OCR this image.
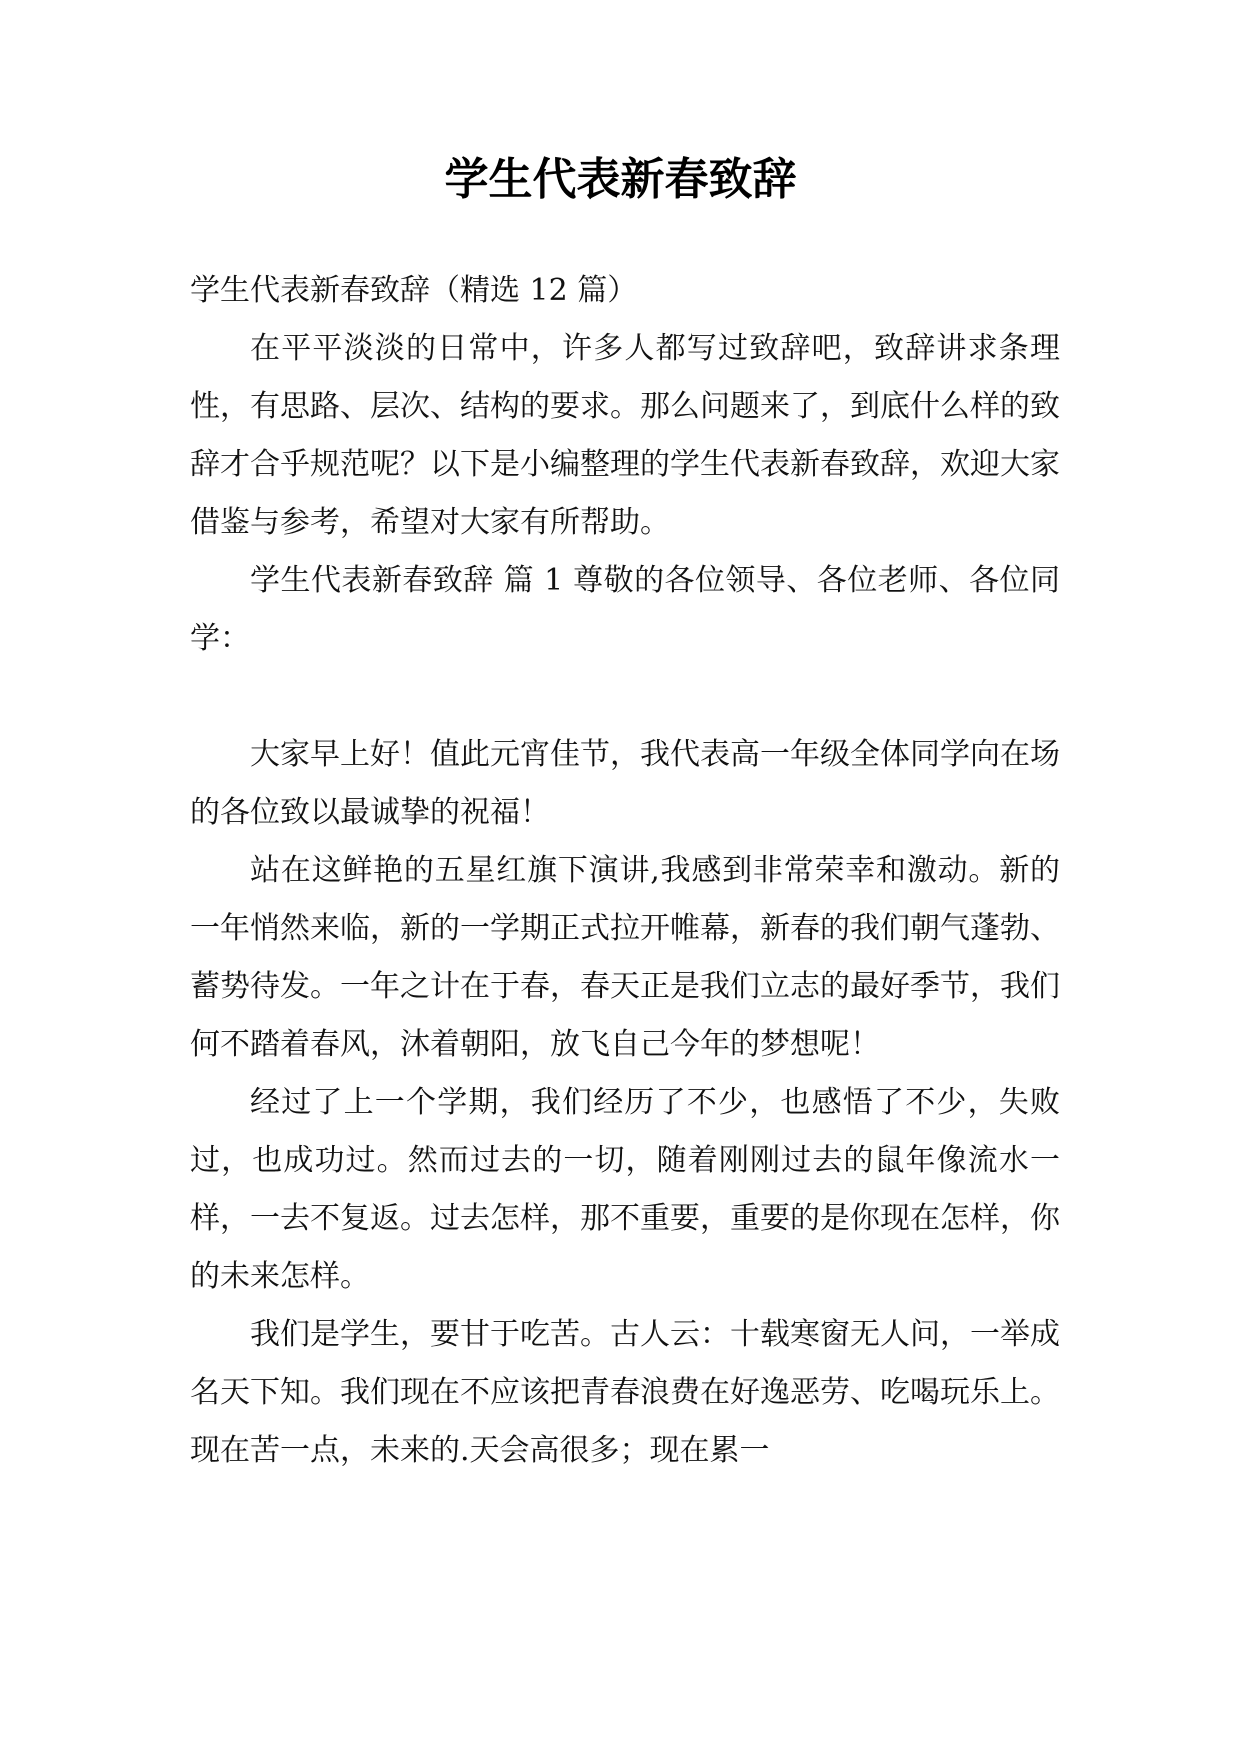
学生代表新春致辞

学生代表新春致辞（精选 12 篇）

在平平淡淡的日常中，许多人都写过致辞吧，致辞讲求条理性，有思路、层次、结构的要求。那么问题来了，到底什么样的致辞才合乎规范呢？以下是小编整理的学生代表新春致辞，欢迎大家借鉴与参考，希望对大家有所帮助。

学生代表新春致辞 篇 1 尊敬的各位领导、各位老师、各位同学：

大家早上好！值此元宵佳节，我代表高一年级全体同学向在场的各位致以最诚挚的祝福！

站在这鲜艳的五星红旗下演讲,我感到非常荣幸和激动。新的一年悄然来临，新的一学期正式拉开帷幕，新春的我们朝气蓬勃、蓄势待发。一年之计在于春，春天正是我们立志的最好季节，我们何不踏着春风，沐着朝阳，放飞自己今年的梦想呢！

经过了上一个学期，我们经历了不少，也感悟了不少，失败过，也成功过。然而过去的一切，随着刚刚过去的鼠年像流水一样，一去不复返。过去怎样，那不重要，重要的是你现在怎样，你的未来怎样。

我们是学生，要甘于吃苦。古人云：十载寒窗无人问，一举成名天下知。我们现在不应该把青春浪费在好逸恶劳、吃喝玩乐上。现在苦一点，未来的.天会高很多；现在累一
